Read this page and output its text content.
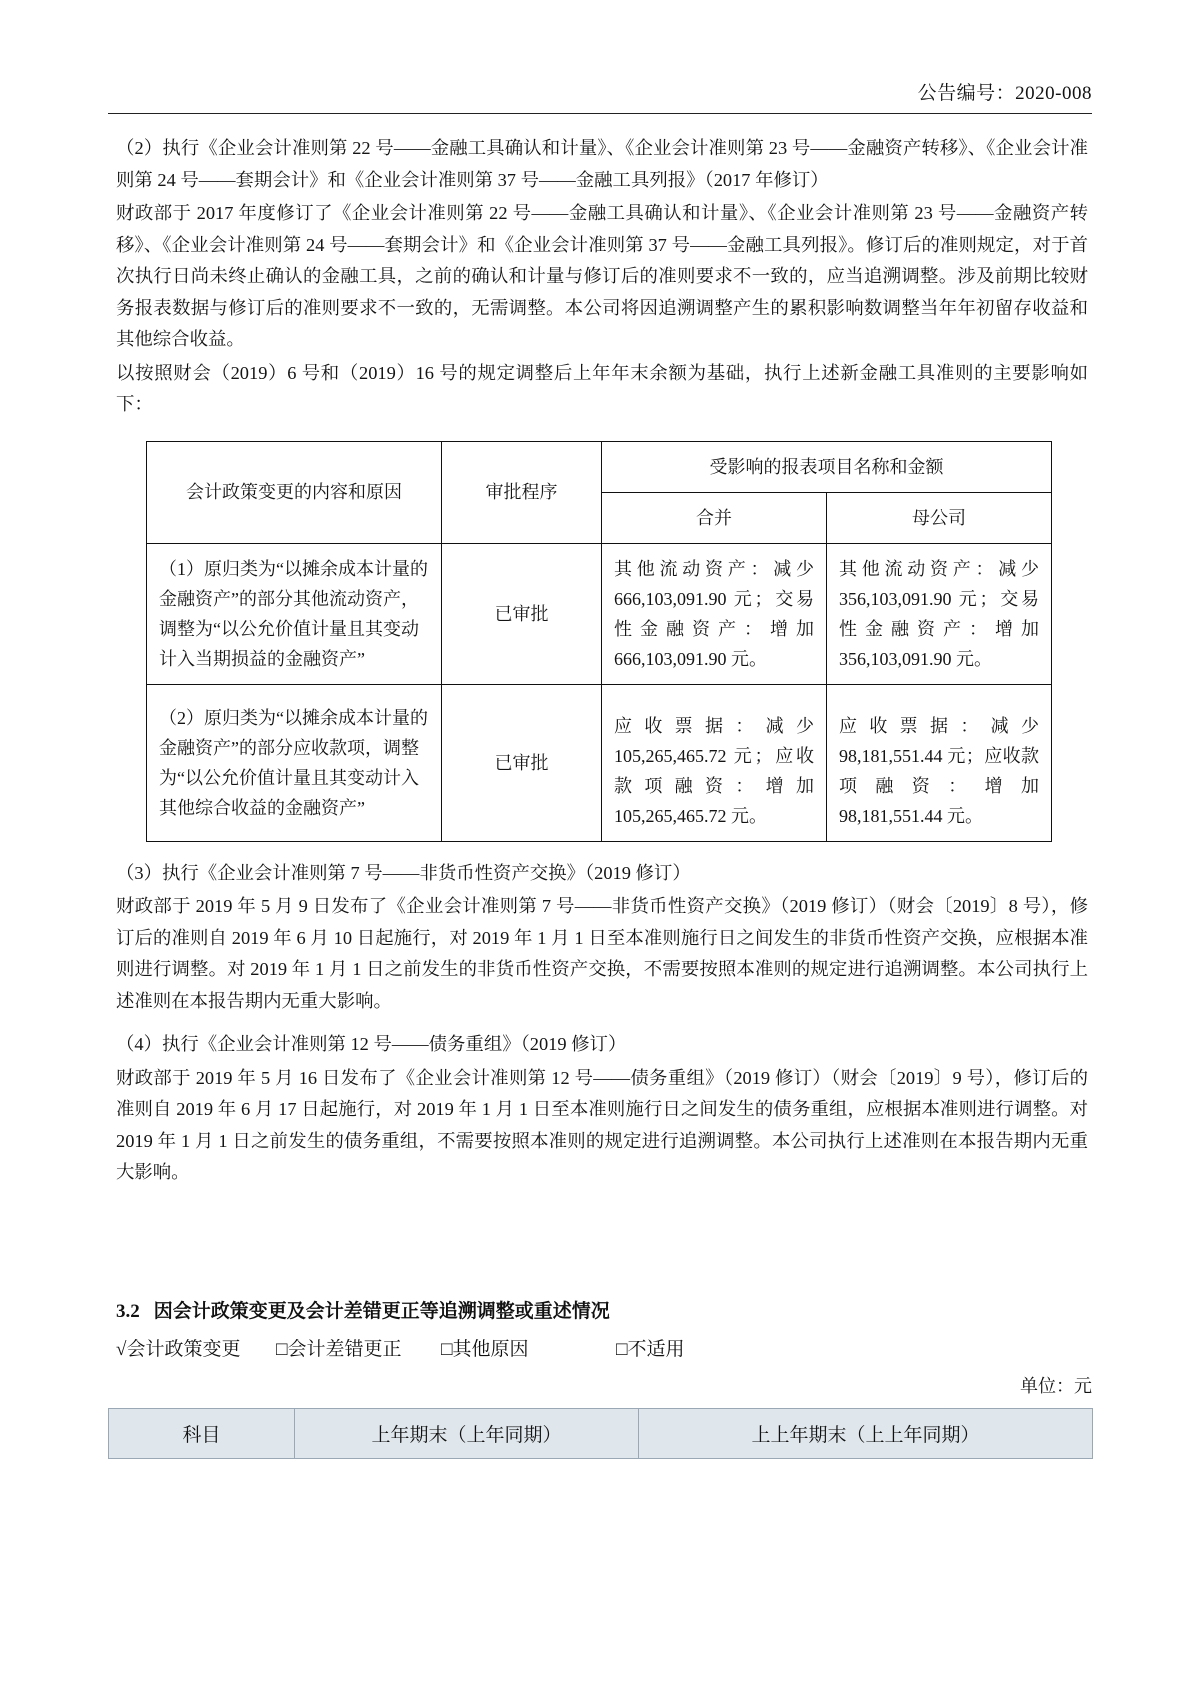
公告编号：2020-008

（2）执行《企业会计准则第 22 号——金融工具确认和计量》、《企业会计准则第 23 号——金融资产转移》、《企业会计准则第 24 号——套期会计》和《企业会计准则第 37 号——金融工具列报》（2017 年修订）

财政部于 2017 年度修订了《企业会计准则第 22 号——金融工具确认和计量》、《企业会计准则第 23 号——金融资产转移》、《企业会计准则第 24 号——套期会计》和《企业会计准则第 37 号——金融工具列报》。修订后的准则规定，对于首次执行日尚未终止确认的金融工具，之前的确认和计量与修订后的准则要求不一致的，应当追溯调整。涉及前期比较财务报表数据与修订后的准则要求不一致的，无需调整。本公司将因追溯调整产生的累积影响数调整当年年初留存收益和其他综合收益。

以按照财会（2019）6 号和（2019）16 号的规定调整后上年年末余额为基础，执行上述新金融工具准则的主要影响如下：

会计政策变更的内容和原因	审批程序	受影响的报表项目名称和金额	
		合并	母公司
（1）原归类为“以摊余成本计量的金融资产”的部分其他流动资产，调整为“以公允价值计量且其变动计入当期损益的金融资产”	已审批	其他流动资产：减少 666,103,091.90 元；交易性金融资产：增加　666,103,091.90 元。	其他流动资产：减少 356,103,091.90 元；交易性金融资产：增加　356,103,091.90 元。
（2）原归类为“以摊余成本计量的金融资产”的部分应收款项，调整为“以公允价值计量且其变动计入其他综合收益的金融资产”	已审批	应 收 票 据 ： 减 少 105,265,465.72 元；应收款项融资：增加 105,265,465.72 元。	应 收 票 据 ： 减 少 98,181,551.44 元；应收款项融资：增加 98,181,551.44 元。

（3）执行《企业会计准则第 7 号——非货币性资产交换》（2019 修订）

财政部于 2019 年 5 月 9 日发布了《企业会计准则第 7 号——非货币性资产交换》（2019 修订）（财会〔2019〕8 号），修订后的准则自 2019 年 6 月 10 日起施行，对 2019 年 1 月 1 日至本准则施行日之间发生的非货币性资产交换，应根据本准则进行调整。对 2019 年 1 月 1 日之前发生的非货币性资产交换，不需要按照本准则的规定进行追溯调整。本公司执行上述准则在本报告期内无重大影响。

（4）执行《企业会计准则第 12 号——债务重组》（2019 修订）

财政部于 2019 年 5 月 16 日发布了《企业会计准则第 12 号——债务重组》（2019 修订）（财会〔2019〕9 号），修订后的准则自 2019 年 6 月 17 日起施行，对 2019 年 1 月 1 日至本准则施行日之间发生的债务重组，应根据本准则进行调整。对 2019 年 1 月 1 日之前发生的债务重组，不需要按照本准则的规定进行追溯调整。本公司执行上述准则在本报告期内无重大影响。

3.2 因会计政策变更及会计差错更正等追溯调整或重述情况
√会计政策变更 □会计差错更正 □其他原因	□不适用
单位：元
科目	上年期末（上年同期）	上上年期末（上上年同期）
